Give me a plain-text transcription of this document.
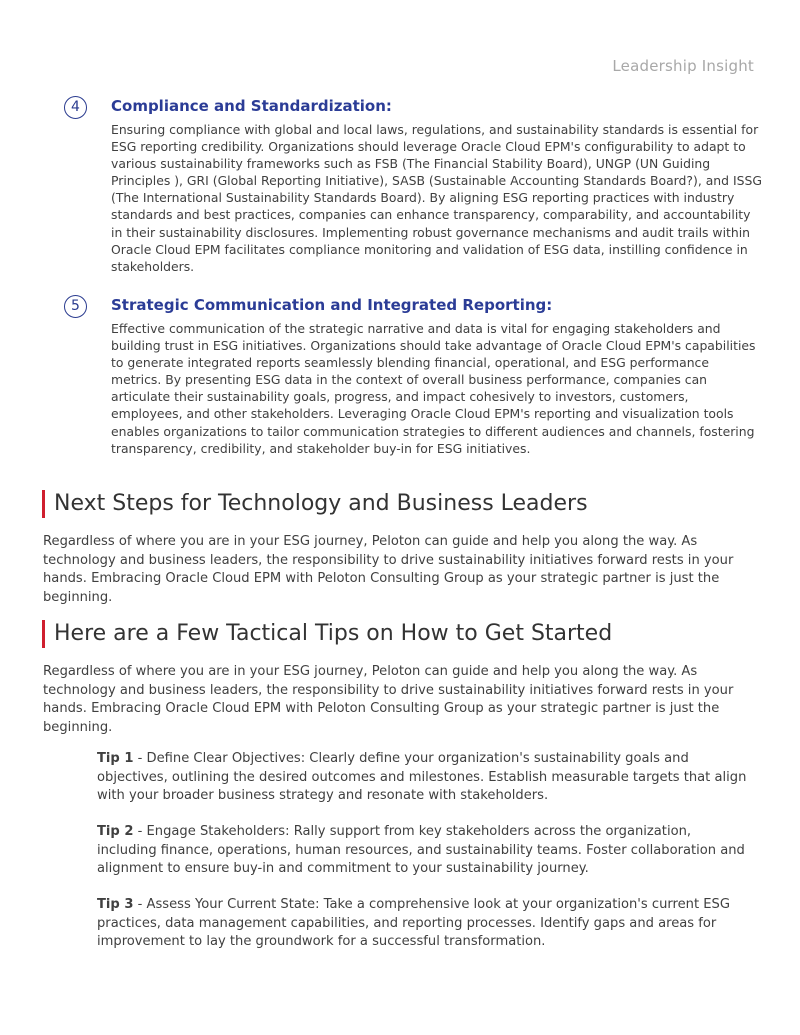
Leadership Insight
4	Compliance and Standardization:
Ensuring compliance with global and local laws, regulations, and sustainability standards is essential for ESG reporting credibility. Organizations should leverage Oracle Cloud EPM's configurability to adapt to various sustainability frameworks such as FSB (The Financial Stability Board), UNGP (UN Guiding Principles ), GRI (Global Reporting Initiative), SASB (Sustainable Accounting Standards Board?), and ISSG (The International Sustainability Standards Board). By aligning ESG reporting practices with industry standards and best practices, companies can enhance transparency, comparability, and accountability in their sustainability disclosures. Implementing robust governance mechanisms and audit trails within Oracle Cloud EPM facilitates compliance monitoring and validation of ESG data, instilling confidence in stakeholders.
5	Strategic Communication and Integrated Reporting:
Effective communication of the strategic narrative and data is vital for engaging stakeholders and building trust in ESG initiatives. Organizations should take advantage of Oracle Cloud EPM's capabilities to generate integrated reports seamlessly blending financial, operational, and ESG performance metrics. By presenting ESG data in the context of overall business performance, companies can articulate their sustainability goals, progress, and impact cohesively to investors, customers, employees, and other stakeholders. Leveraging Oracle Cloud EPM's reporting and visualization tools enables organizations to tailor communication strategies to different audiences and channels, fostering transparency, credibility, and stakeholder buy-in for ESG initiatives.
Next Steps for Technology and Business Leaders
Regardless of where you are in your ESG journey, Peloton can guide and help you along the way. As technology and business leaders, the responsibility to drive sustainability initiatives forward rests in your hands. Embracing Oracle Cloud EPM with Peloton Consulting Group as your strategic partner is just the beginning.
Here are a Few Tactical Tips on How to Get Started
Regardless of where you are in your ESG journey, Peloton can guide and help you along the way. As technology and business leaders, the responsibility to drive sustainability initiatives forward rests in your hands. Embracing Oracle Cloud EPM with Peloton Consulting Group as your strategic partner is just the beginning.
Tip 1 - Define Clear Objectives: Clearly define your organization's sustainability goals and objectives, outlining the desired outcomes and milestones. Establish measurable targets that align with your broader business strategy and resonate with stakeholders.
Tip 2 - Engage Stakeholders: Rally support from key stakeholders across the organization, including finance, operations, human resources, and sustainability teams. Foster collaboration and alignment to ensure buy-in and commitment to your sustainability journey.
Tip 3 - Assess Your Current State: Take a comprehensive look at your organization's current ESG practices, data management capabilities, and reporting processes. Identify gaps and areas for improvement to lay the groundwork for a successful transformation.
